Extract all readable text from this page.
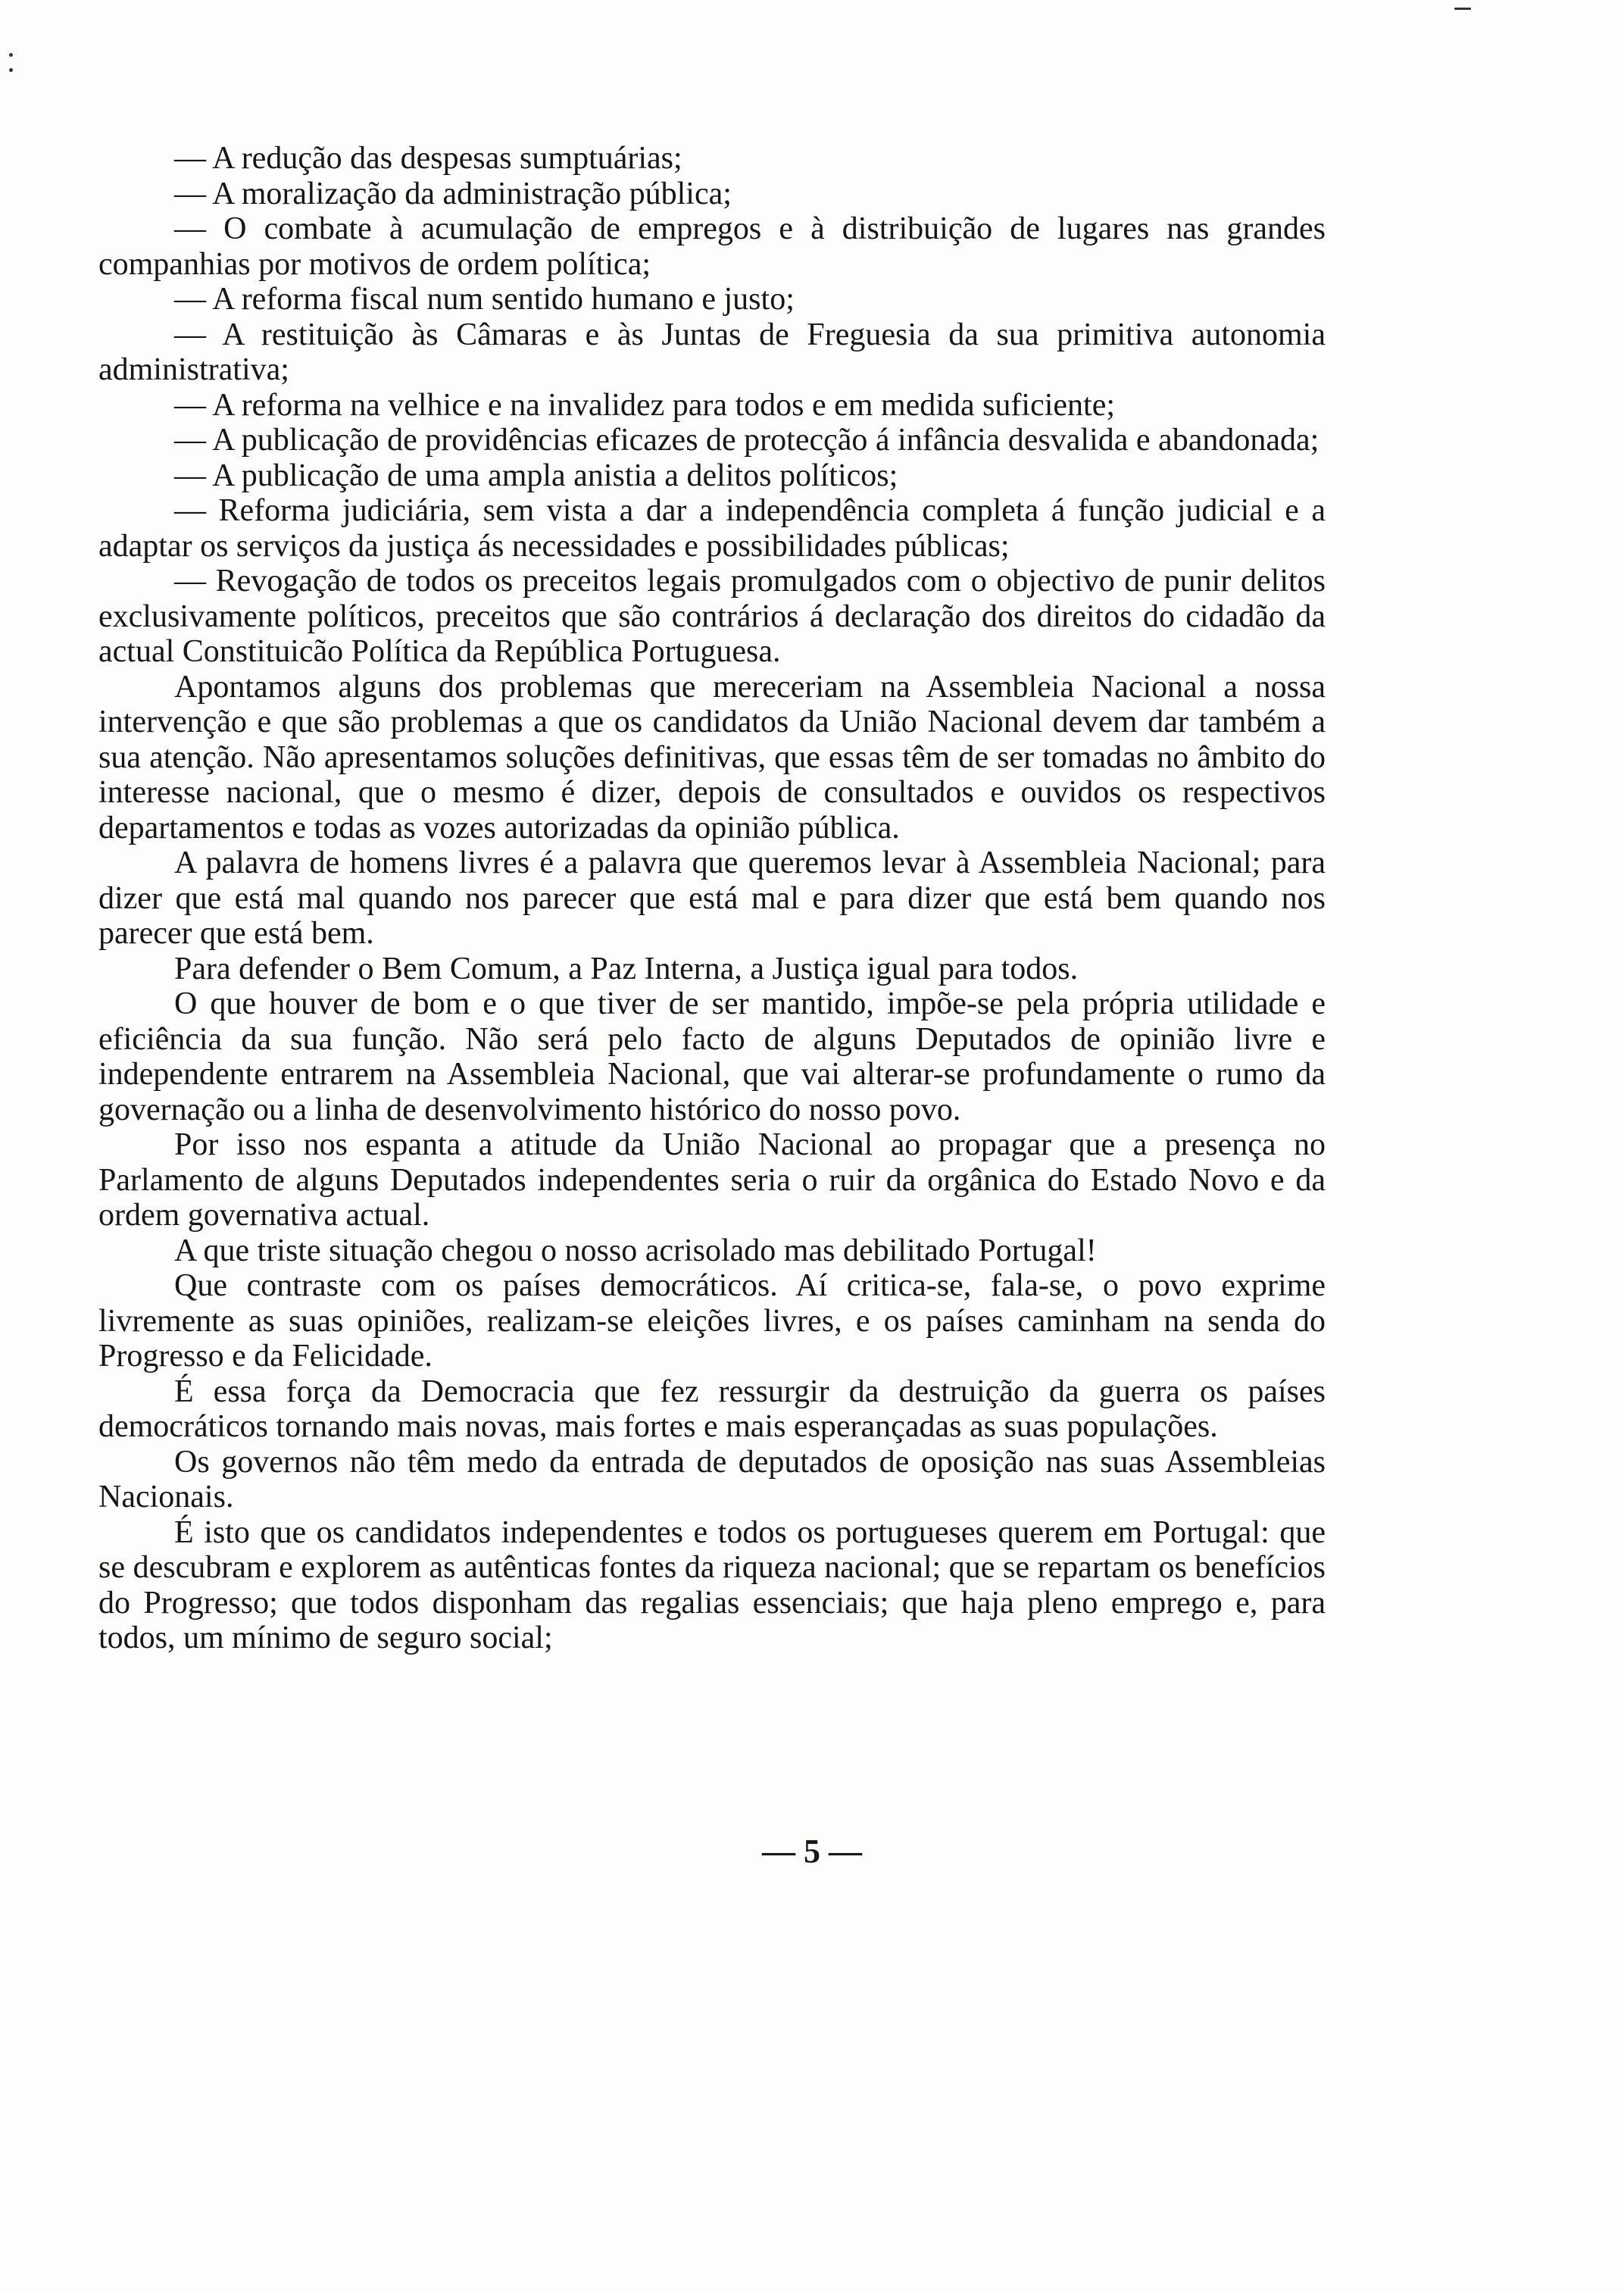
— A redução das despesas sumptuárias;

— A moralização da administração pública;

— O combate à acumulação de empregos e à distribuição de lugares nas grandes companhias por motivos de ordem política;

— A reforma fiscal num sentido humano e justo;

— A restituição às Câmaras e às Juntas de Freguesia da sua primitiva autonomia administrativa;

— A reforma na velhice e na invalidez para todos e em medida suficiente;

— A publicação de providências eficazes de protecção á infância desvalida e abandonada;

— A publicação de uma ampla anistia a delitos políticos;

— Reforma judiciária, sem vista a dar a independência completa á função judicial e a adaptar os serviços da justiça ás necessidades e possibilidades públicas;

— Revogação de todos os preceitos legais promulgados com o objectivo de punir delitos exclusivamente políticos, preceitos que são contrários á declaração dos direitos do cidadão da actual Constituicão Política da República Portuguesa.

Apontamos alguns dos problemas que mereceriam na Assembleia Nacional a nossa intervenção e que são problemas a que os candidatos da União Nacional devem dar também a sua atenção. Não apresentamos soluções definitivas, que essas têm de ser tomadas no âmbito do interesse nacional, que o mesmo é dizer, depois de consultados e ouvidos os respectivos departamentos e todas as vozes autorizadas da opinião pública.

A palavra de homens livres é a palavra que queremos levar à Assembleia Nacional; para dizer que está mal quando nos parecer que está mal e para dizer que está bem quando nos parecer que está bem.

Para defender o Bem Comum, a Paz Interna, a Justiça igual para todos.

O que houver de bom e o que tiver de ser mantido, impõe-se pela própria utilidade e eficiência da sua função. Não será pelo facto de alguns Deputados de opinião livre e independente entrarem na Assembleia Nacional, que vai alterar-se profundamente o rumo da governação ou a linha de desenvolvimento histórico do nosso povo.

Por isso nos espanta a atitude da União Nacional ao propagar que a presença no Parlamento de alguns Deputados independentes seria o ruir da orgânica do Estado Novo e da ordem governativa actual.

A que triste situação chegou o nosso acrisolado mas debilitado Portugal!

Que contraste com os países democráticos. Aí critica-se, fala-se, o povo exprime livremente as suas opiniões, realizam-se eleições livres, e os países caminham na senda do Progresso e da Felicidade.

É essa força da Democracia que fez ressurgir da destruição da guerra os países democráticos tornando mais novas, mais fortes e mais esperançadas as suas populações.

Os governos não têm medo da entrada de deputados de oposição nas suas Assembleias Nacionais.

É isto que os candidatos independentes e todos os portugueses querem em Portugal: que se descubram e explorem as autênticas fontes da riqueza nacional; que se repartam os benefícios do Progresso; que todos disponham das regalias essenciais; que haja pleno emprego e, para todos, um mínimo de seguro social;

— 5 —
